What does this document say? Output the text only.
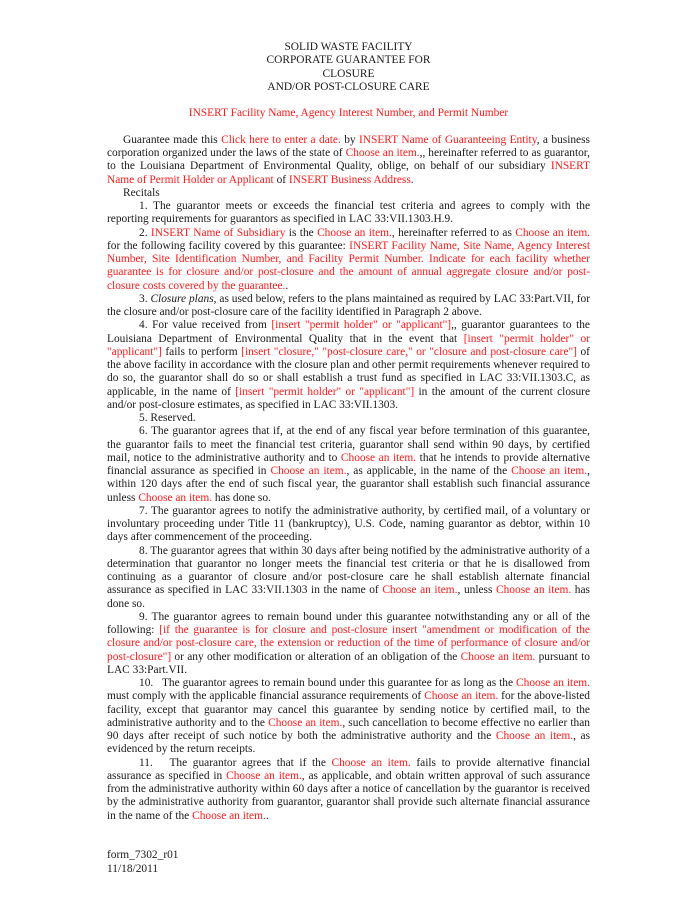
SOLID WASTE FACILITY
CORPORATE GUARANTEE FOR
CLOSURE
AND/OR POST-CLOSURE CARE
INSERT Facility Name, Agency Interest Number, and Permit Number

Guarantee made this Click here to enter a date. by INSERT Name of Guaranteeing Entity, a business corporation organized under the laws of the state of Choose an item.,, hereinafter referred to as guarantor, to the Louisiana Department of Environmental Quality, oblige, on behalf of our subsidiary INSERT Name of Permit Holder or Applicant of INSERT Business Address.

Recitals

1. The guarantor meets or exceeds the financial test criteria and agrees to comply with the reporting requirements for guarantors as specified in LAC 33:VII.1303.H.9.

2. INSERT Name of Subsidiary is the Choose an item., hereinafter referred to as Choose an item. for the following facility covered by this guarantee: INSERT Facility Name, Site Name, Agency Interest Number, Site Identification Number, and Facility Permit Number. Indicate for each facility whether guarantee is for closure and/or post-closure and the amount of annual aggregate closure and/or post-closure costs covered by the guarantee..

3. Closure plans, as used below, refers to the plans maintained as required by LAC 33:Part.VII, for the closure and/or post-closure care of the facility identified in Paragraph 2 above.

4. For value received from [insert "permit holder" or "applicant"],, guarantor guarantees to the Louisiana Department of Environmental Quality that in the event that [insert "permit holder" or "applicant"] fails to perform [insert "closure," "post-closure care," or "closure and post-closure care"] of the above facility in accordance with the closure plan and other permit requirements whenever required to do so, the guarantor shall do so or shall establish a trust fund as specified in LAC 33:VII.1303.C, as applicable, in the name of [insert "permit holder" or "applicant"] in the amount of the current closure and/or post-closure estimates, as specified in LAC 33:VII.1303.

5. Reserved.

6. The guarantor agrees that if, at the end of any fiscal year before termination of this guarantee, the guarantor fails to meet the financial test criteria, guarantor shall send within 90 days, by certified mail, notice to the administrative authority and to Choose an item. that he intends to provide alternative financial assurance as specified in Choose an item., as applicable, in the name of the Choose an item., within 120 days after the end of such fiscal year, the guarantor shall establish such financial assurance unless Choose an item. has done so.

7. The guarantor agrees to notify the administrative authority, by certified mail, of a voluntary or involuntary proceeding under Title 11 (bankruptcy), U.S. Code, naming guarantor as debtor, within 10 days after commencement of the proceeding.

8. The guarantor agrees that within 30 days after being notified by the administrative authority of a determination that guarantor no longer meets the financial test criteria or that he is disallowed from continuing as a guarantor of closure and/or post-closure care he shall establish alternate financial assurance as specified in LAC 33:VII.1303 in the name of Choose an item., unless Choose an item. has done so.

9. The guarantor agrees to remain bound under this guarantee notwithstanding any or all of the following: [if the guarantee is for closure and post-closure insert "amendment or modification of the closure and/or post-closure care, the extension or reduction of the time of performance of closure and/or post-closure"] or any other modification or alteration of an obligation of the Choose an item. pursuant to LAC 33:Part.VII.

10.   The guarantor agrees to remain bound under this guarantee for as long as the Choose an item. must comply with the applicable financial assurance requirements of Choose an item. for the above-listed facility, except that guarantor may cancel this guarantee by sending notice by certified mail, to the administrative authority and to the Choose an item., such cancellation to become effective no earlier than 90 days after receipt of such notice by both the administrative authority and the Choose an item., as evidenced by the return receipts.

11.   The guarantor agrees that if the Choose an item. fails to provide alternative financial assurance as specified in Choose an item., as applicable, and obtain written approval of such assurance from the administrative authority within 60 days after a notice of cancellation by the guarantor is received by the administrative authority from guarantor, guarantor shall provide such alternate financial assurance in the name of the Choose an item..

form_7302_r01
11/18/2011
